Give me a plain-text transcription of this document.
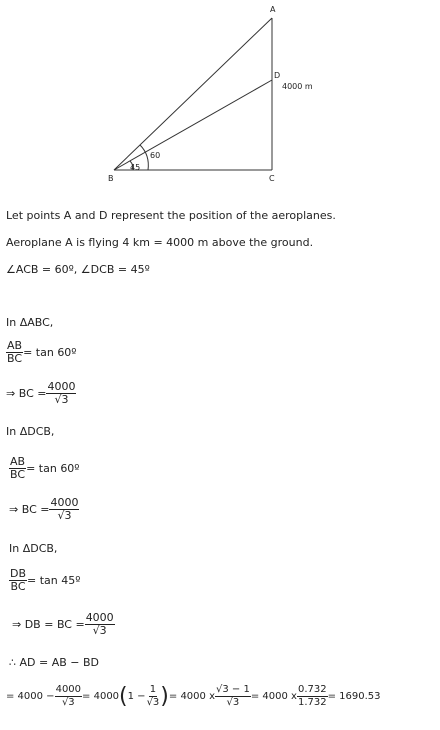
A
D
4000 m
B	C
60
45
Let points A and D represent the position of the aeroplanes.
Aeroplane A is flying 4 km = 4000 m above the ground.
∠ACB = 60º, ∠DCB = 45º
In ΔABC,
$\frac{AB}{BC} = \tan$ 60º
⇒ BC = $\frac{4000}{√3}$
In ΔDCB,
$\frac{AB}{BC} = \tan$ 60º
⇒ BC = $\frac{4000}{√3}$
In ΔDCB,
$\frac{DB}{BC} = \tan$ 45º
⇒ DB = BC = $\frac{4000}{√3}$
∴ AD = AB − BD
= $4000 - \frac{4000}{√3} = 4000$ ( $1 - \frac{1}{√3}$ ) = 4000 x $\frac{√3 - 1}{√3} = 4000$ x $\frac{0.732}{1.732} = 1690.53$
